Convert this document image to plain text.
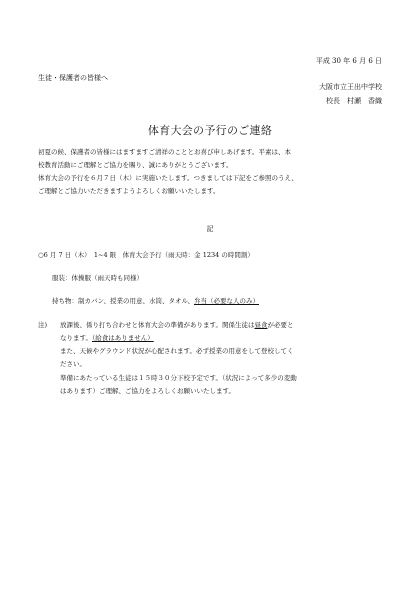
平成 30 年 6 月 6 日
生徒・保護者の皆様へ
大阪市立王出中学校
校長　村瀬　香織
体育大会の予行のご連絡
初夏の候、保護者の皆様にはますますご清祥のこととお喜び申しあげます。平素は、本
校教育活動にご理解とご協力を賜り、誠にありがとうございます。
体育大会の予行を６月７日（木）に実施いたします。つきましては下記をご参照のうえ、
ご理解とご協力いただきますようよろしくお願いいたします。
記
○6 月 7 日（木）　1~4 限　体育大会予行（雨天時：金 1234 の時間割）
服装：体操服（雨天時も同様）
持ち物：制カバン、授業の用意、水筒、タオル、弁当（必要な人のみ）
注) 放課後、係り打ち合わせと体育大会の準備があります。関係生徒は昼食が必要と
なります。（給食はありません）
また、天候やグラウンド状況が心配されます。必ず授業の用意をして登校してく
ださい。
準備にあたっている生徒は１５時３０分下校予定です。（状況によって多少の変動
はあります）ご理解、ご協力をよろしくお願いいたします。
